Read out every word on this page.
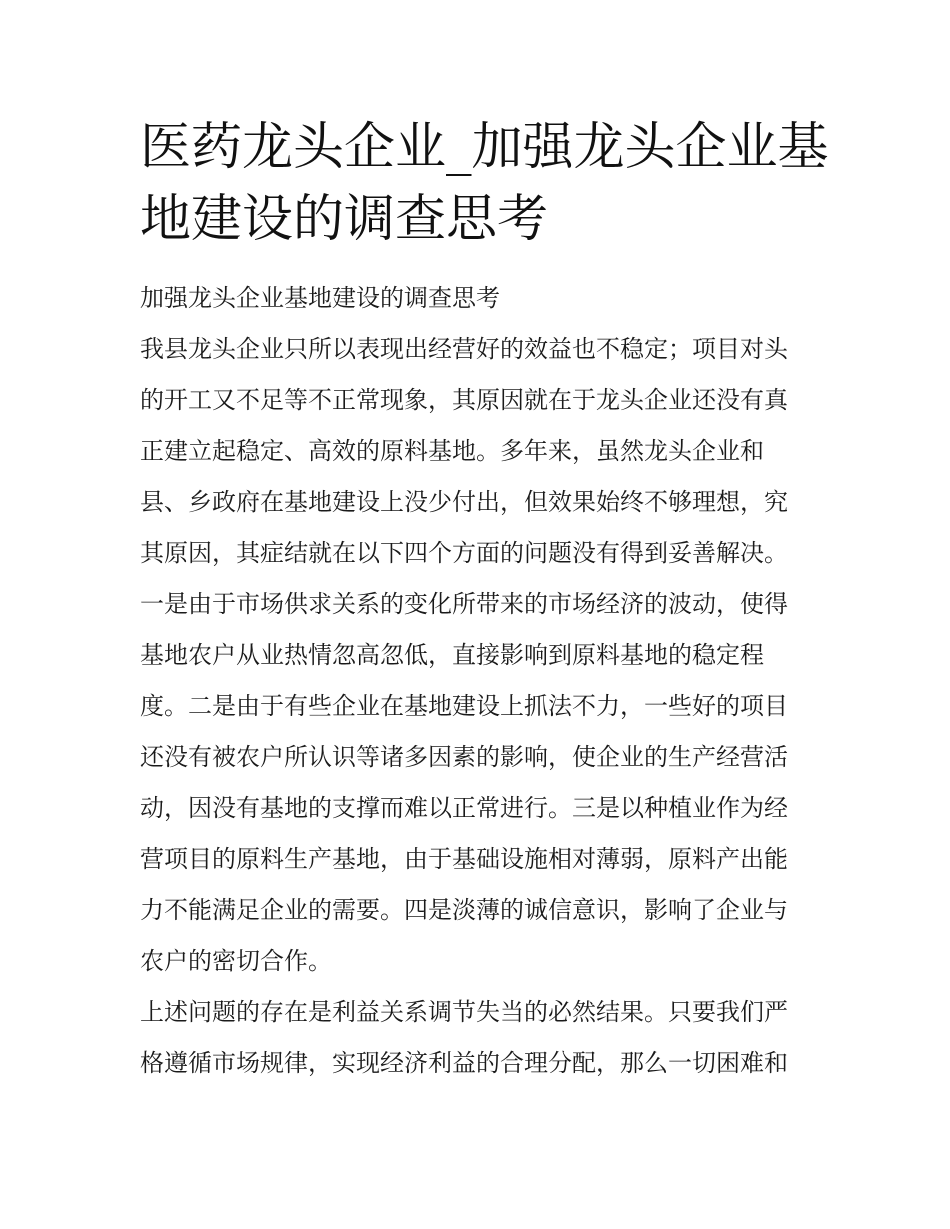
医药龙头企业_加强龙头企业基
地建设的调查思考

加强龙头企业基地建设的调查思考

我县龙头企业只所以表现出经营好的效益也不稳定；项目对头
的开工又不足等不正常现象，其原因就在于龙头企业还没有真
正建立起稳定、高效的原料基地。多年来，虽然龙头企业和
县、乡政府在基地建设上没少付出，但效果始终不够理想，究
其原因，其症结就在以下四个方面的问题没有得到妥善解决。
一是由于市场供求关系的变化所带来的市场经济的波动，使得
基地农户从业热情忽高忽低，直接影响到原料基地的稳定程
度。二是由于有些企业在基地建设上抓法不力，一些好的项目
还没有被农户所认识等诸多因素的影响，使企业的生产经营活
动，因没有基地的支撑而难以正常进行。三是以种植业作为经
营项目的原料生产基地，由于基础设施相对薄弱，原料产出能
力不能满足企业的需要。四是淡薄的诚信意识，影响了企业与
农户的密切合作。

上述问题的存在是利益关系调节失当的必然结果。只要我们严
格遵循市场规律，实现经济利益的合理分配，那么一切困难和
